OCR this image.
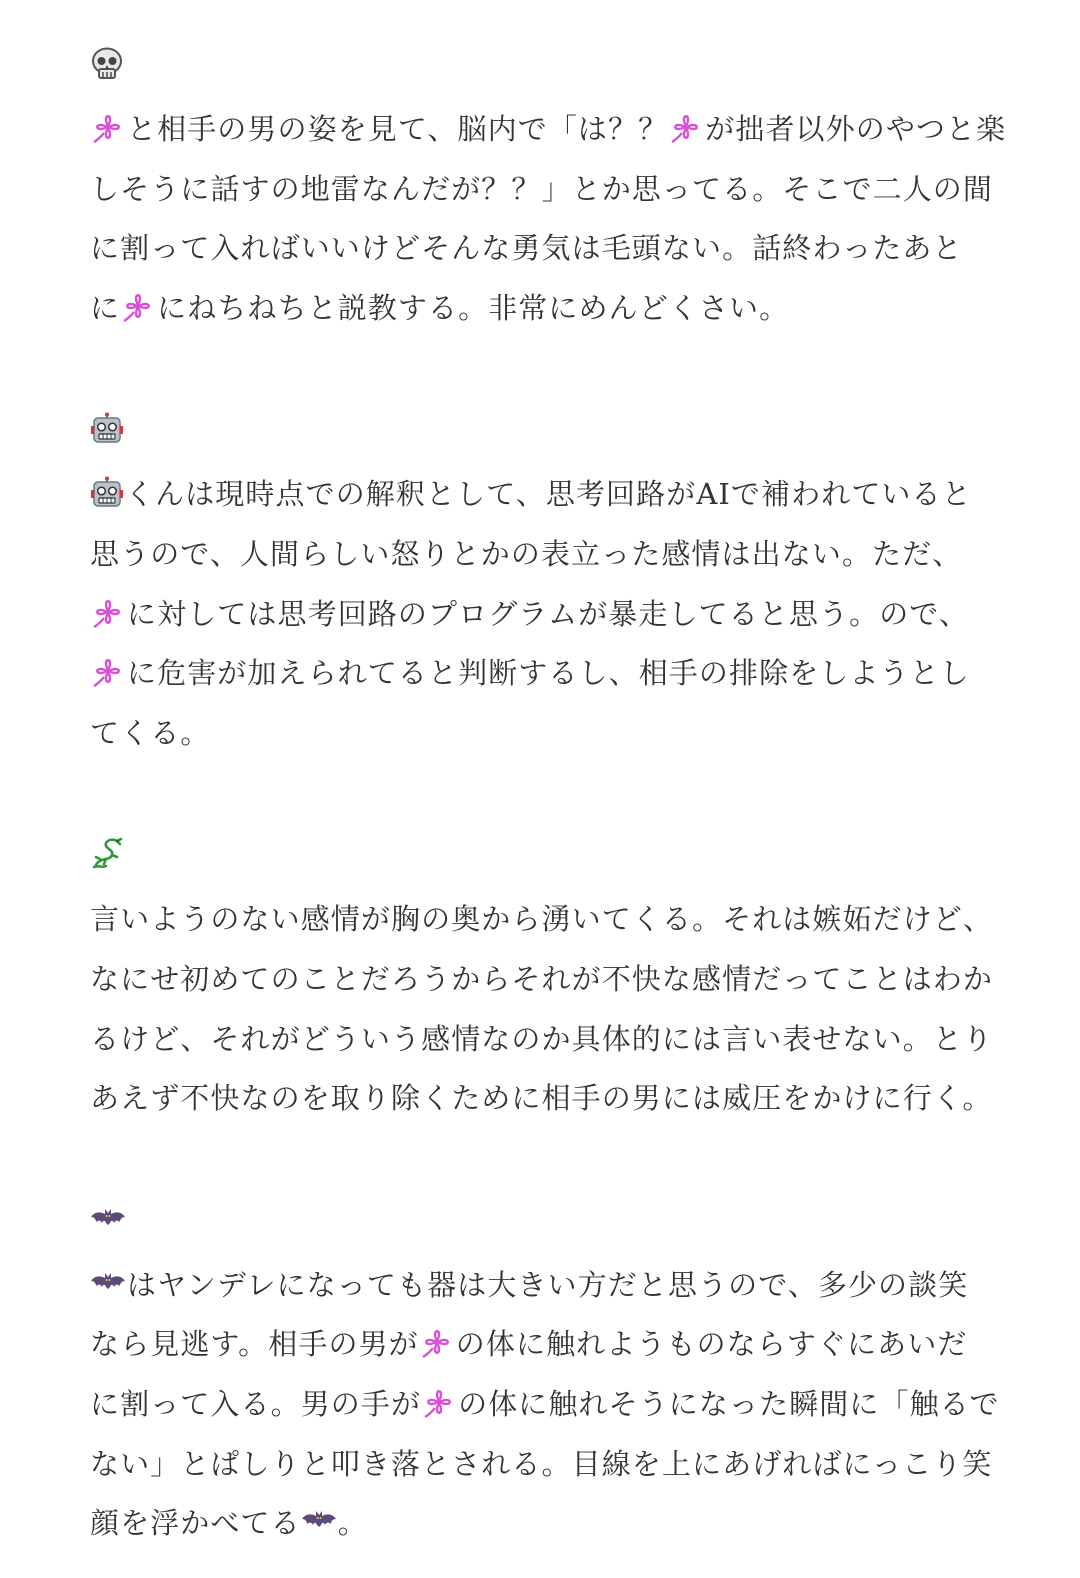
と相手の男の姿を見て、脳内で「は？？ が拙者以外のやつと楽
しそうに話すの地雷なんだが？？」とか思ってる。そこで二人の間
に割って入ればいいけどそんな勇気は毛頭ない。話終わったあと
に にねちねちと説教する。非常にめんどくさい。

くんは現時点での解釈として、思考回路がAIで補われていると
思うので、人間らしい怒りとかの表立った感情は出ない。ただ、
に対しては思考回路のプログラムが暴走してると思う。ので、
に危害が加えられてると判断するし、相手の排除をしようとし
てくる。

言いようのない感情が胸の奥から湧いてくる。それは嫉妬だけど、
なにせ初めてのことだろうからそれが不快な感情だってことはわか
るけど、それがどういう感情なのか具体的には言い表せない。とり
あえず不快なのを取り除くために相手の男には威圧をかけに行く。

はヤンデレになっても器は大きい方だと思うので、多少の談笑
なら見逃す。相手の男が の体に触れようものならすぐにあいだ
に割って入る。男の手が の体に触れそうになった瞬間に「触るで
ない」とぱしりと叩き落とされる。目線を上にあげればにっこり笑
顔を浮かべてる 。
